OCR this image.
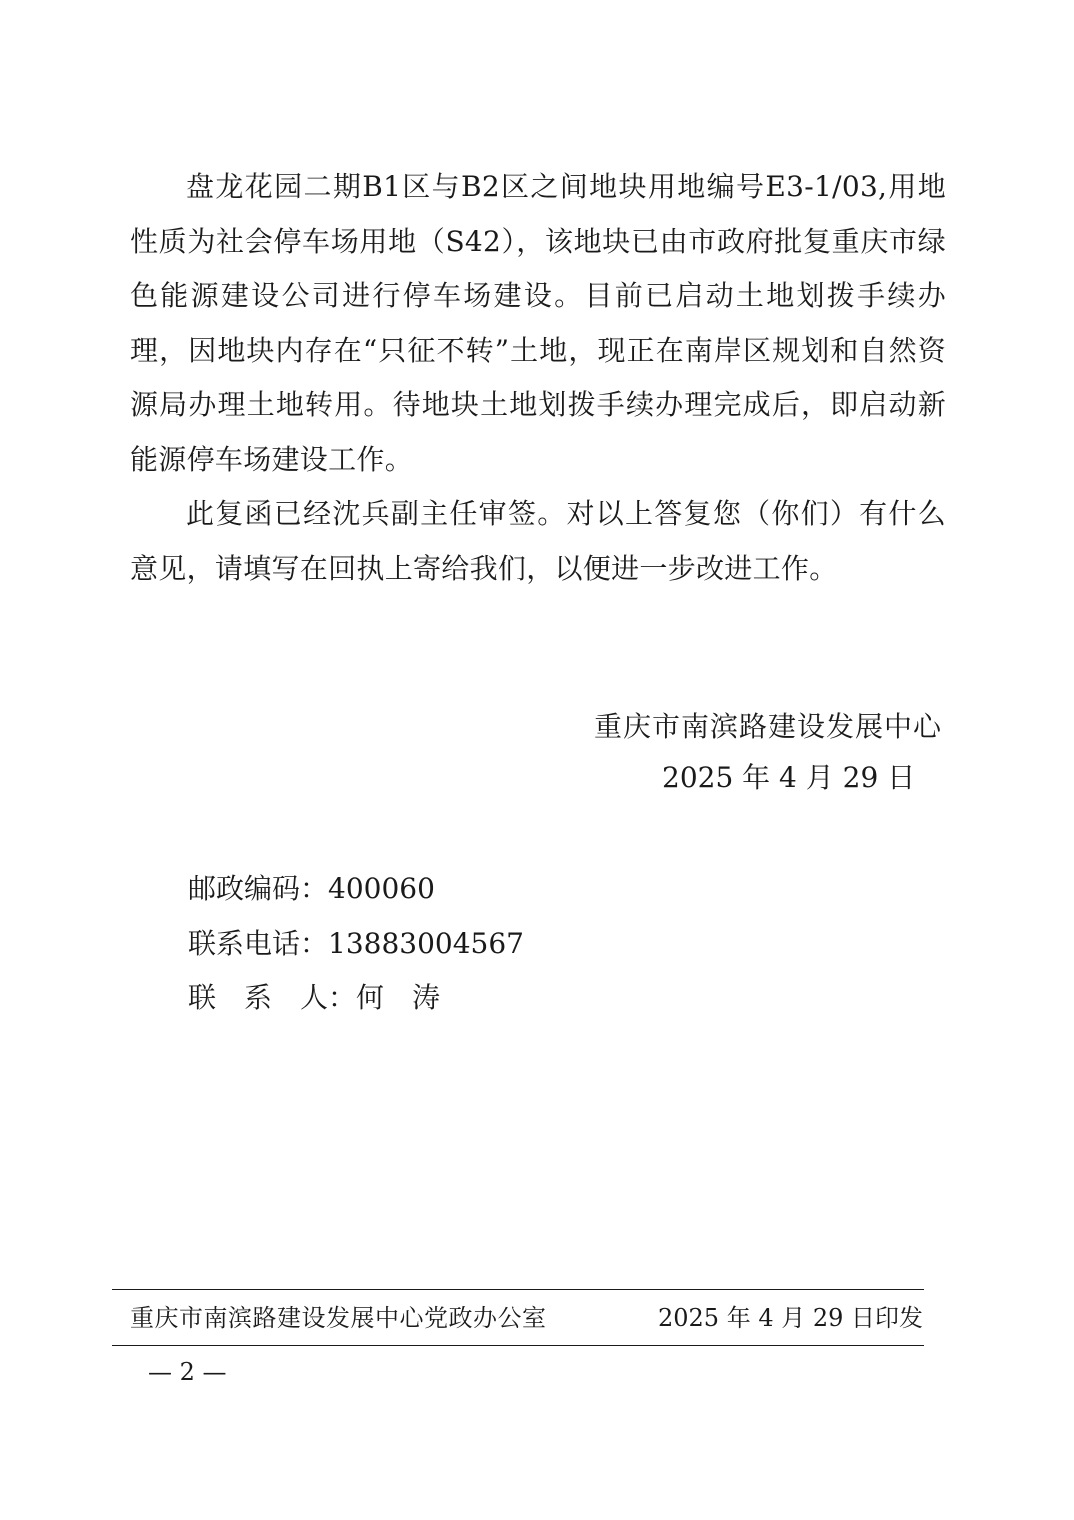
盘龙花园二期B1区与B2区之间地块用地编号E3-1/03,用地性质为社会停车场用地（S42），该地块已由市政府批复重庆市绿色能源建设公司进行停车场建设。目前已启动土地划拨手续办理，因地块内存在“只征不转”土地，现正在南岸区规划和自然资源局办理土地转用。待地块土地划拨手续办理完成后，即启动新能源停车场建设工作。

此复函已经沈兵副主任审签。对以上答复您（你们）有什么意见，请填写在回执上寄给我们，以便进一步改进工作。

重庆市南滨路建设发展中心
2025 年 4 月 29 日
邮政编码：400060
联系电话：13883004567
联　系　人：何　涛
重庆市南滨路建设发展中心党政办公室	2025 年 4 月 29 日印发
— 2 —
